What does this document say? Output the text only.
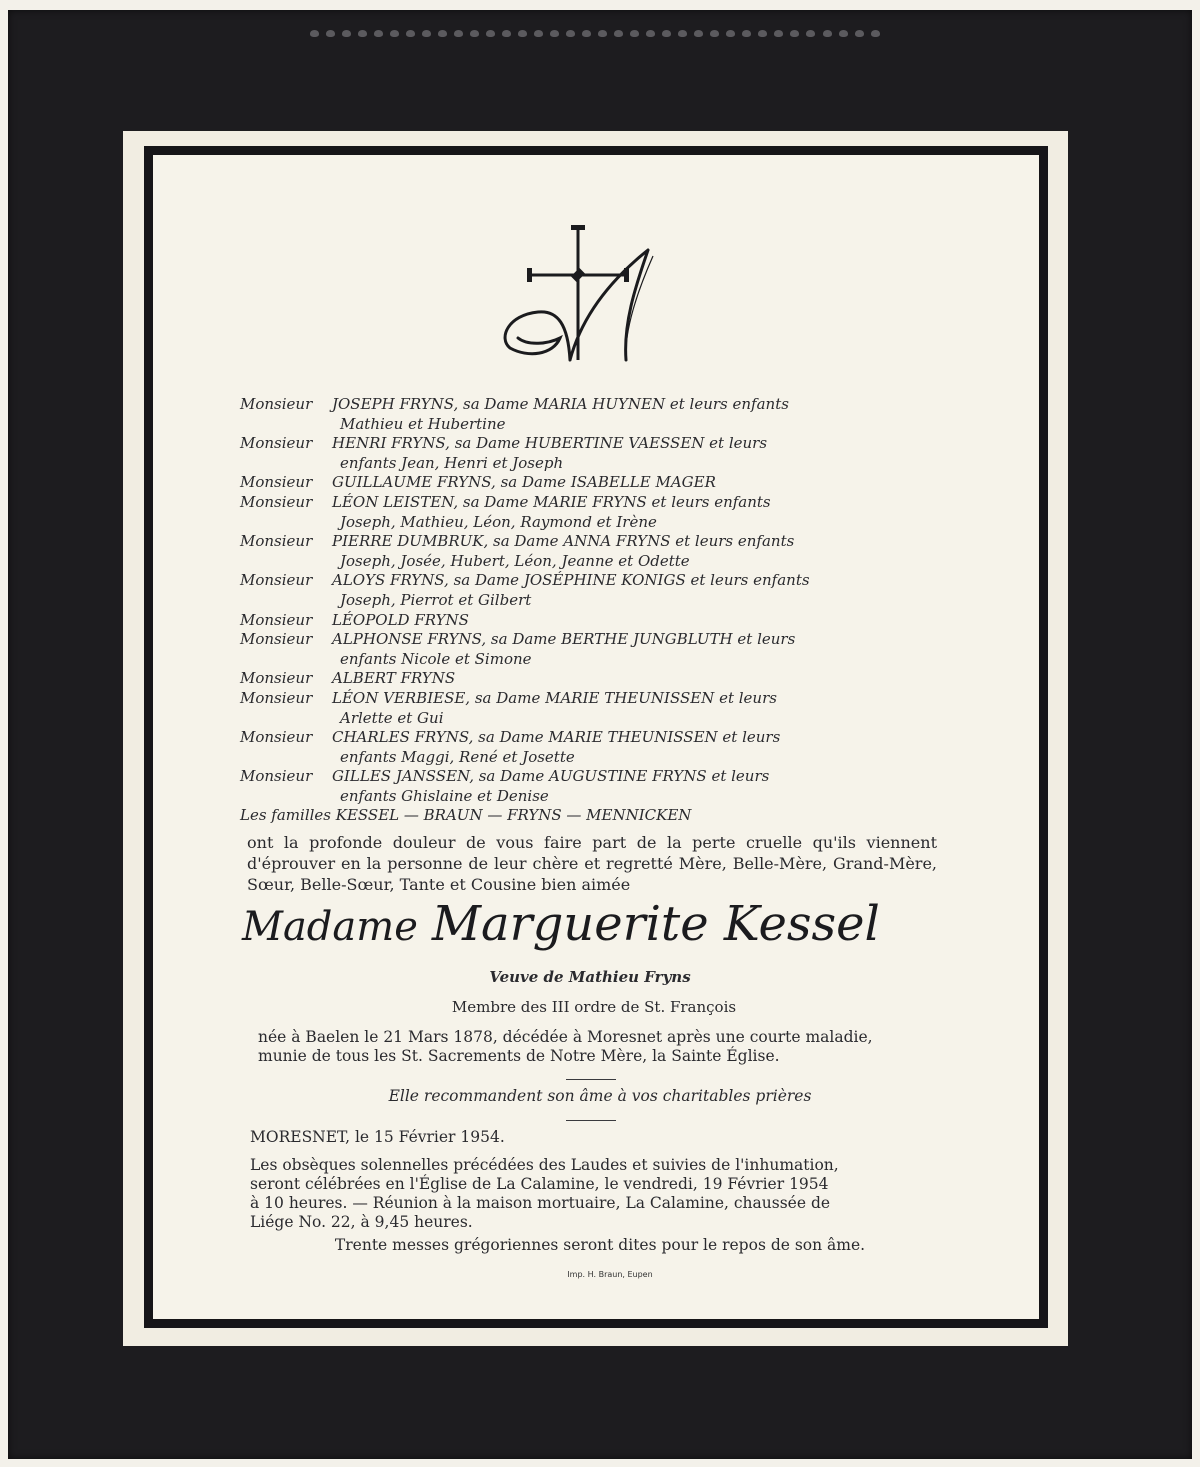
Monsieur JOSEPH FRYNS, sa Dame MARIA HUYNEN et leurs enfants
Mathieu et Hubertine
Monsieur HENRI FRYNS, sa Dame HUBERTINE VAESSEN et leurs
enfants Jean, Henri et Joseph
Monsieur GUILLAUME FRYNS, sa Dame ISABELLE MAGER
Monsieur LÉON LEISTEN, sa Dame MARIE FRYNS et leurs enfants
Joseph, Mathieu, Léon, Raymond et Irène
Monsieur PIERRE DUMBRUK, sa Dame ANNA FRYNS et leurs enfants
Joseph, Josée, Hubert, Léon, Jeanne et Odette
Monsieur ALOYS FRYNS, sa Dame JOSÉPHINE KONIGS et leurs enfants
Joseph, Pierrot et Gilbert
Monsieur LÉOPOLD FRYNS
Monsieur ALPHONSE FRYNS, sa Dame BERTHE JUNGBLUTH et leurs
enfants Nicole et Simone
Monsieur ALBERT FRYNS
Monsieur LÉON VERBIESE, sa Dame MARIE THEUNISSEN et leurs
Arlette et Gui
Monsieur CHARLES FRYNS, sa Dame MARIE THEUNISSEN et leurs
enfants Maggi, René et Josette
Monsieur GILLES JANSSEN, sa Dame AUGUSTINE FRYNS et leurs
enfants Ghislaine et Denise
Les familles KESSEL — BRAUN — FRYNS — MENNICKEN
ont la profonde douleur de vous faire part de la perte cruelle qu'ils viennent d'éprouver en la personne de leur chère et regretté Mère, Belle-Mère, Grand-Mère, Sœur, Belle-Sœur, Tante et Cousine bien aimée
Madame Marguerite Kessel
Veuve de Mathieu Fryns
Membre des III ordre de St. François
née à Baelen le 21 Mars 1878, décédée à Moresnet après une courte maladie,
munie de tous les St. Sacrements de Notre Mère, la Sainte Église.
Elle recommandent son âme à vos charitables prières
MORESNET, le 15 Février 1954.
Les obsèques solennelles précédées des Laudes et suivies de l'inhumation,
seront célébrées en l'Église de La Calamine, le vendredi, 19 Février 1954
à 10 heures. — Réunion à la maison mortuaire, La Calamine, chaussée de
Liége No. 22, à 9,45 heures.
Trente messes grégoriennes seront dites pour le repos de son âme.
Imp. H. Braun, Eupen
